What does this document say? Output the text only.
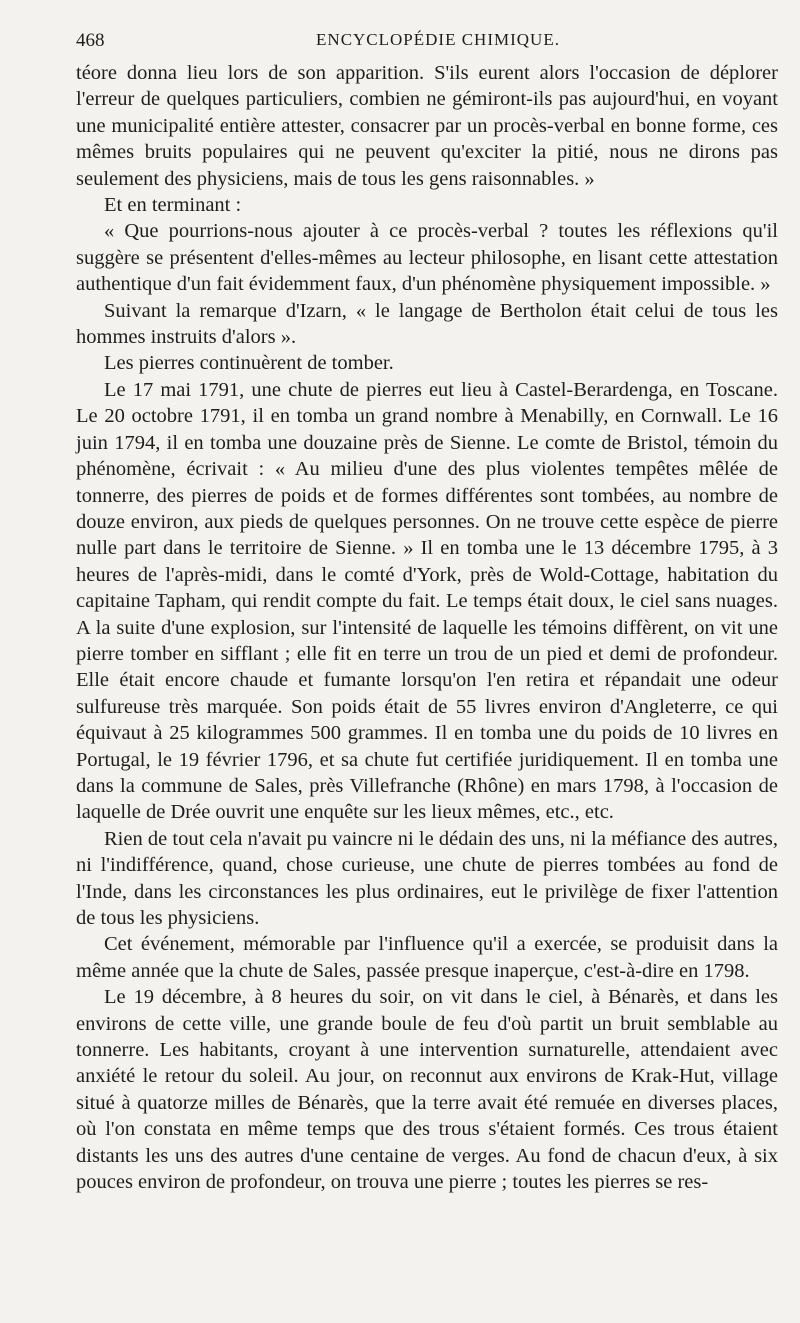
468	ENCYCLOPÉDIE CHIMIQUE.

téore donna lieu lors de son apparition. S'ils eurent alors l'occasion de déplorer l'erreur de quelques particuliers, combien ne gémiront-ils pas aujourd'hui, en voyant une municipalité entière attester, consacrer par un procès-verbal en bonne forme, ces mêmes bruits populaires qui ne peuvent qu'exciter la pitié, nous ne dirons pas seulement des physiciens, mais de tous les gens raisonnables. »

Et en terminant :

« Que pourrions-nous ajouter à ce procès-verbal ? toutes les réflexions qu'il suggère se présentent d'elles-mêmes au lecteur philosophe, en lisant cette attestation authentique d'un fait évidemment faux, d'un phénomène physiquement impossible. »

Suivant la remarque d'Izarn, « le langage de Bertholon était celui de tous les hommes instruits d'alors ».

Les pierres continuèrent de tomber.

Le 17 mai 1791, une chute de pierres eut lieu à Castel-Berardenga, en Toscane. Le 20 octobre 1791, il en tomba un grand nombre à Menabilly, en Cornwall. Le 16 juin 1794, il en tomba une douzaine près de Sienne. Le comte de Bristol, témoin du phénomène, écrivait : « Au milieu d'une des plus violentes tempêtes mêlée de tonnerre, des pierres de poids et de formes différentes sont tombées, au nombre de douze environ, aux pieds de quelques personnes. On ne trouve cette espèce de pierre nulle part dans le territoire de Sienne. » Il en tomba une le 13 décembre 1795, à 3 heures de l'après-midi, dans le comté d'York, près de Wold-Cottage, habitation du capitaine Tapham, qui rendit compte du fait. Le temps était doux, le ciel sans nuages. A la suite d'une explosion, sur l'intensité de laquelle les témoins diffèrent, on vit une pierre tomber en sifflant ; elle fit en terre un trou de un pied et demi de profondeur. Elle était encore chaude et fumante lorsqu'on l'en retira et répandait une odeur sulfureuse très marquée. Son poids était de 55 livres environ d'Angleterre, ce qui équivaut à 25 kilogrammes 500 grammes. Il en tomba une du poids de 10 livres en Portugal, le 19 février 1796, et sa chute fut certifiée juridiquement. Il en tomba une dans la commune de Sales, près Villefranche (Rhône) en mars 1798, à l'occasion de laquelle de Drée ouvrit une enquête sur les lieux mêmes, etc., etc.

Rien de tout cela n'avait pu vaincre ni le dédain des uns, ni la méfiance des autres, ni l'indifférence, quand, chose curieuse, une chute de pierres tombées au fond de l'Inde, dans les circonstances les plus ordinaires, eut le privilège de fixer l'attention de tous les physiciens.

Cet événement, mémorable par l'influence qu'il a exercée, se produisit dans la même année que la chute de Sales, passée presque inaperçue, c'est-à-dire en 1798.

Le 19 décembre, à 8 heures du soir, on vit dans le ciel, à Bénarès, et dans les environs de cette ville, une grande boule de feu d'où partit un bruit semblable au tonnerre. Les habitants, croyant à une intervention surnaturelle, attendaient avec anxiété le retour du soleil. Au jour, on reconnut aux environs de Krak-Hut, village situé à quatorze milles de Bénarès, que la terre avait été remuée en diverses places, où l'on constata en même temps que des trous s'étaient formés. Ces trous étaient distants les uns des autres d'une centaine de verges. Au fond de chacun d'eux, à six pouces environ de profondeur, on trouva une pierre ; toutes les pierres se res-
